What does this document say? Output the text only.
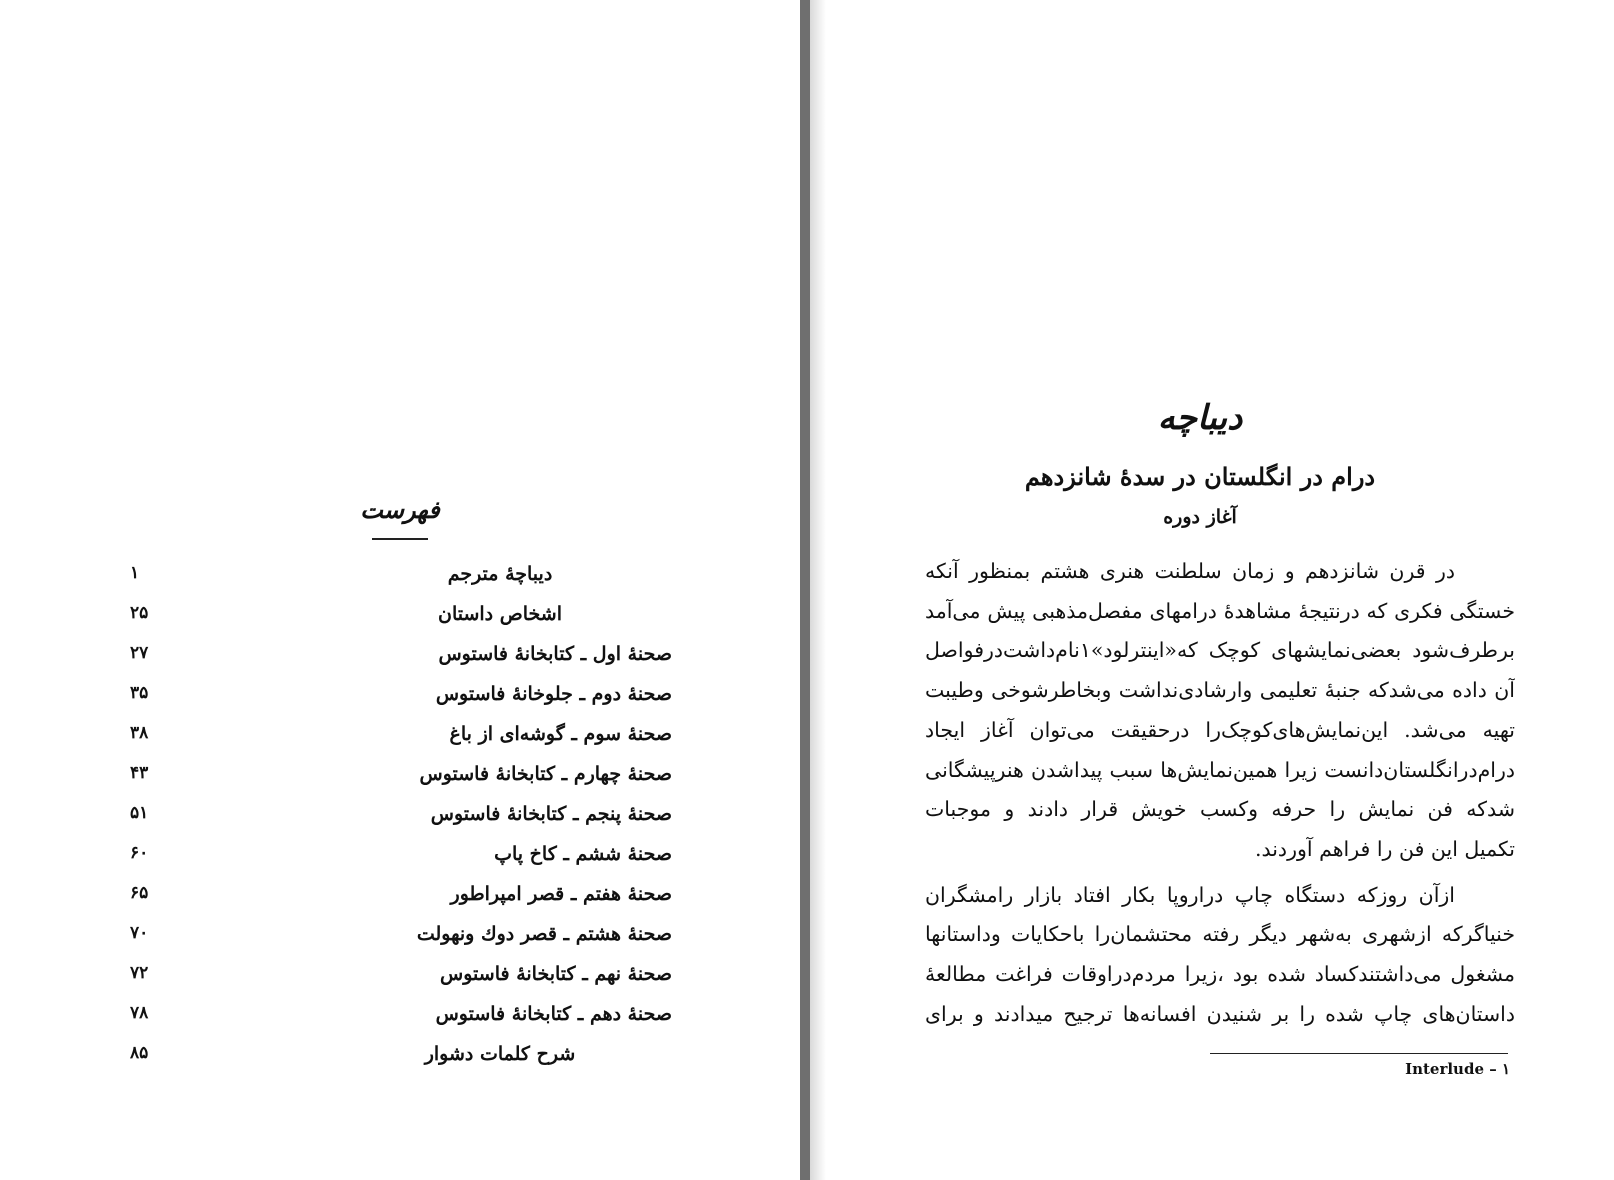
فهرست
دیباچهٔ مترجم
۱
اشخاص داستان
۲۵
صحنهٔ اول ـ کتابخانهٔ فاستوس
۲۷
صحنهٔ دوم ـ جلوخانهٔ فاستوس
۳۵
صحنهٔ سوم ـ گوشه‌ای از باغ
۳۸
صحنهٔ چهارم ـ کتابخانهٔ فاستوس
۴۳
صحنهٔ پنجم ـ کتابخانهٔ فاستوس
۵۱
صحنهٔ ششم ـ کاخ پاپ
۶۰
صحنهٔ هفتم ـ قصر امپراطور
۶۵
صحنهٔ هشتم ـ قصر دوك ونهولت
۷۰
صحنهٔ نهم ـ کتابخانهٔ فاستوس
۷۲
صحنهٔ دهم ـ کتابخانهٔ فاستوس
۷۸
شرح کلمات دشوار
۸۵
دیباچه
درام در انگلستان در سدهٔ شانزدهم
آغاز دوره

در قرن شانزدهم و زمان سلطنت هنری هشتم بمنظور آنکه
خستگی فکری که درنتیجهٔ مشاهدهٔ درامهای مفصل‌مذهبی پیش می‌آمد
برطرف‌شود بعضی‌نمایشهای کوچک که«اینترلود»۱نام‌داشت‌درفواصل
آن داده می‌شدکه جنبهٔ تعلیمی وارشادی‌نداشت وبخاطرشوخی وطیبت
تهیه می‌شد. این‌نمایش‌های‌کوچک‌را درحقیقت می‌توان آغاز ایجاد
درام‌درانگلستان‌دانست زیرا همین‌نمایش‌ها سبب پیداشدن هنرپیشگانی
شدکه فن نمایش را حرفه وکسب خویش قرار دادند و موجبات
تکمیل این فن را فراهم آوردند.

ازآن روزکه دستگاه چاپ دراروپا بکار افتاد بازار رامشگران
خنیاگرکه ازشهری به‌شهر دیگر رفته محتشمان‌را باحکایات وداستانها
مشغول می‌داشتندکساد شده بود ،زیرا مردم‌دراوقات فراغت مطالعهٔ
داستان‌های چاپ شده را بر شنیدن افسانه‌ها ترجیح میدادند و برای

Interlude – ۱
